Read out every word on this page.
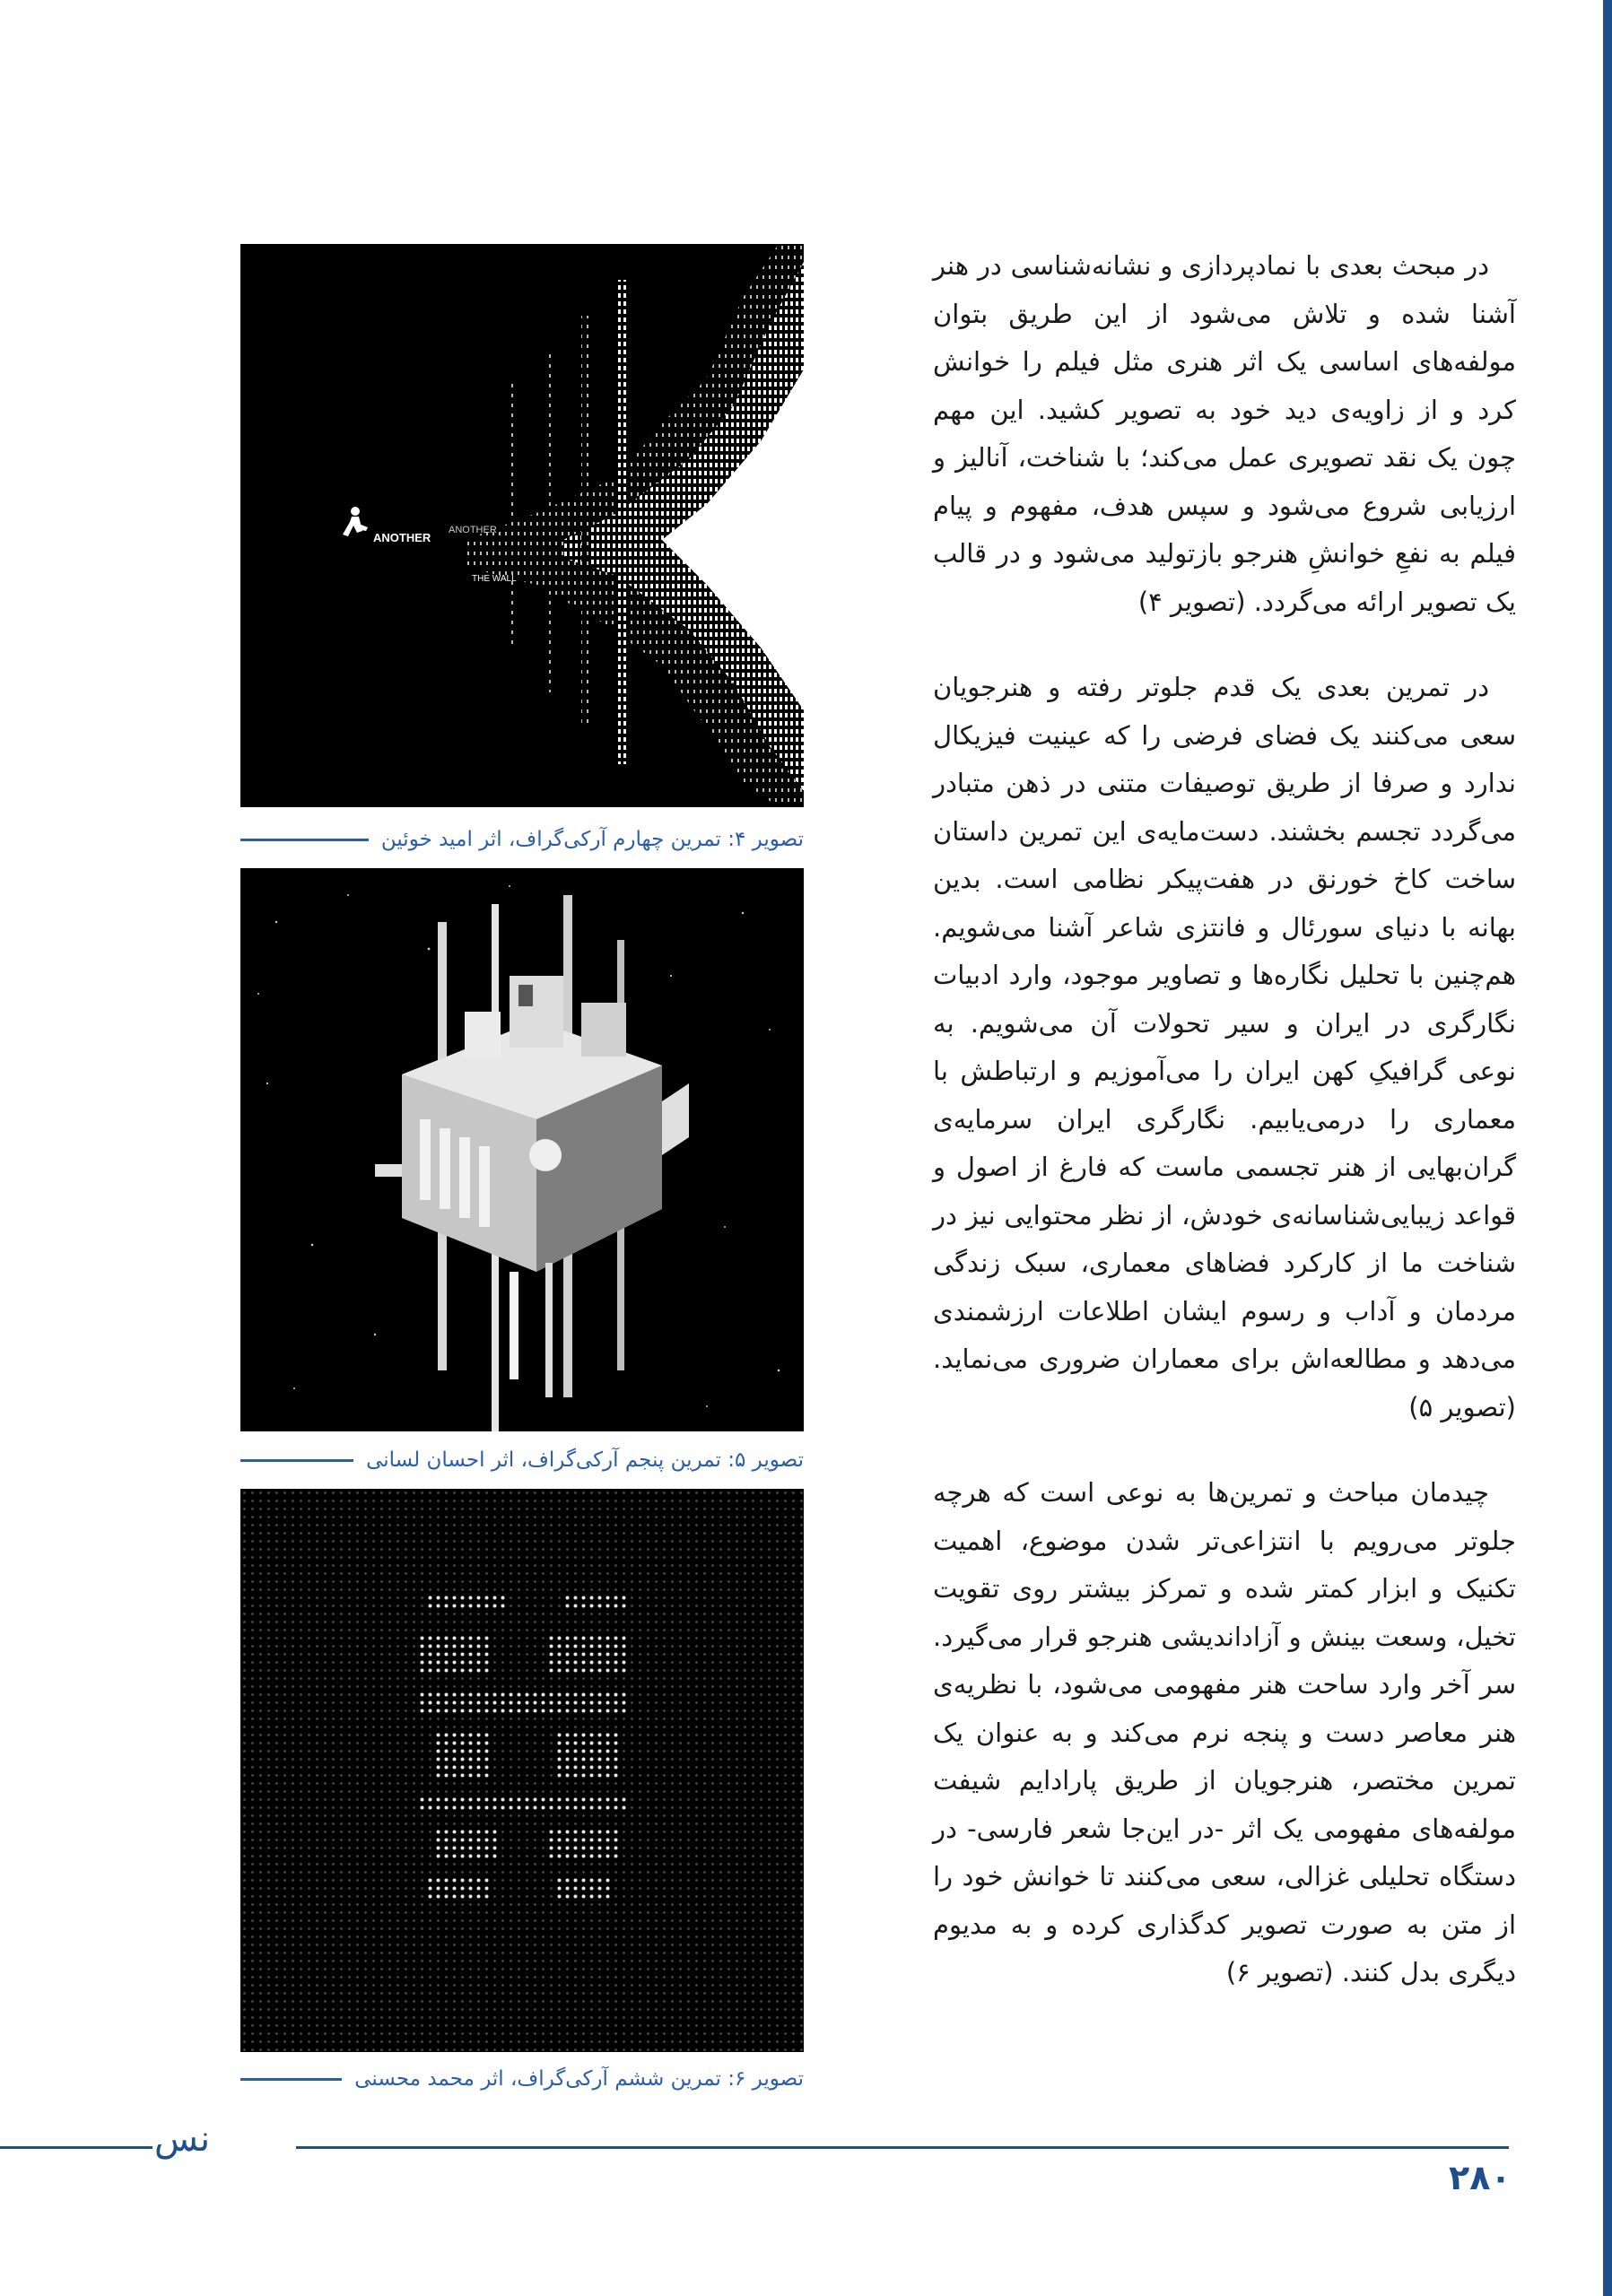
در مبحث بعدی با نمادپردازی و نشانه‌شناسی در هنر آشنا شده و تلاش می‌شود از این طریق بتوان مولفه‌های اساسی یک اثر هنری مثل فیلم را خوانش کرد و از زاویه‌ی دید خود به تصویر کشید. این مهم چون یک نقد تصویری عمل می‌کند؛ با شناخت، آنالیز و ارزیابی شروع می‌شود و سپس هدف، مفهوم و پیام فیلم به نفعِ خوانشِ هنرجو بازتولید می‌شود و در قالب یک تصویر ارائه می‌گردد. (تصویر ۴)

در تمرین بعدی یک قدم جلوتر رفته و هنرجویان سعی می‌کنند یک فضای فرضی را که عینیت فیزیکال ندارد و صرفا از طریق توصیفات متنی در ذهن متبادر می‌گردد تجسم بخشند. دست‌مایه‌ی این تمرین داستان ساخت کاخ خورنق در هفت‌پیکر نظامی است. بدین بهانه با دنیای سورئال و فانتزی شاعر آشنا می‌شویم. هم‌چنین با تحلیل نگاره‌ها و تصاویر موجود، وارد ادبیات نگارگری در ایران و سیر تحولات آن می‌شویم. به نوعی گرافیکِ کهن ایران را می‌آموزیم و ارتباطش با معماری را درمی‌یابیم. نگارگری ایران سرمایه‌ی گران‌بهایی از هنر تجسمی ماست که فارغ از اصول و قواعد زیبایی‌شناسانه‌ی خودش، از نظر محتوایی نیز در شناخت ما از کارکرد فضاهای معماری، سبک زندگی مردمان و آداب و رسوم ایشان اطلاعات ارزشمندی می‌دهد و مطالعه‌اش برای معماران ضروری می‌نماید. (تصویر ۵)

چیدمان مباحث و تمرین‌ها به نوعی است که هرچه جلوتر می‌رویم با انتزاعی‌تر شدن موضوع، اهمیت تکنیک و ابزار کمتر شده و تمرکز بیشتر روی تقویت تخیل، وسعت بینش و آزاداندیشی هنرجو قرار می‌گیرد. سر آخر وارد ساحت هنر مفهومی می‌شود، با نظریه‌ی هنر معاصر دست و پنجه نرم می‌کند و به عنوان یک تمرین مختصر، هنرجویان از طریق پارادایم شیفت مولفه‌های مفهومی یک اثر -در این‌جا شعر فارسی- در دستگاه تحلیلی غزالی، سعی می‌کنند تا خوانش خود را از متن به صورت تصویر کدگذاری کرده و به مدیوم دیگری بدل کنند. (تصویر ۶)

ANOTHER
ANOTHER
THE WALL
تصویر ۴: تمرین چهارم آرکی‌گراف، اثر امید خوئین
تصویر ۵: تمرین پنجم آرکی‌گراف، اثر احسان لسانی
تصویر ۶: تمرین ششم آرکی‌گراف، اثر محمد محسنی
نس
۲۸۰
